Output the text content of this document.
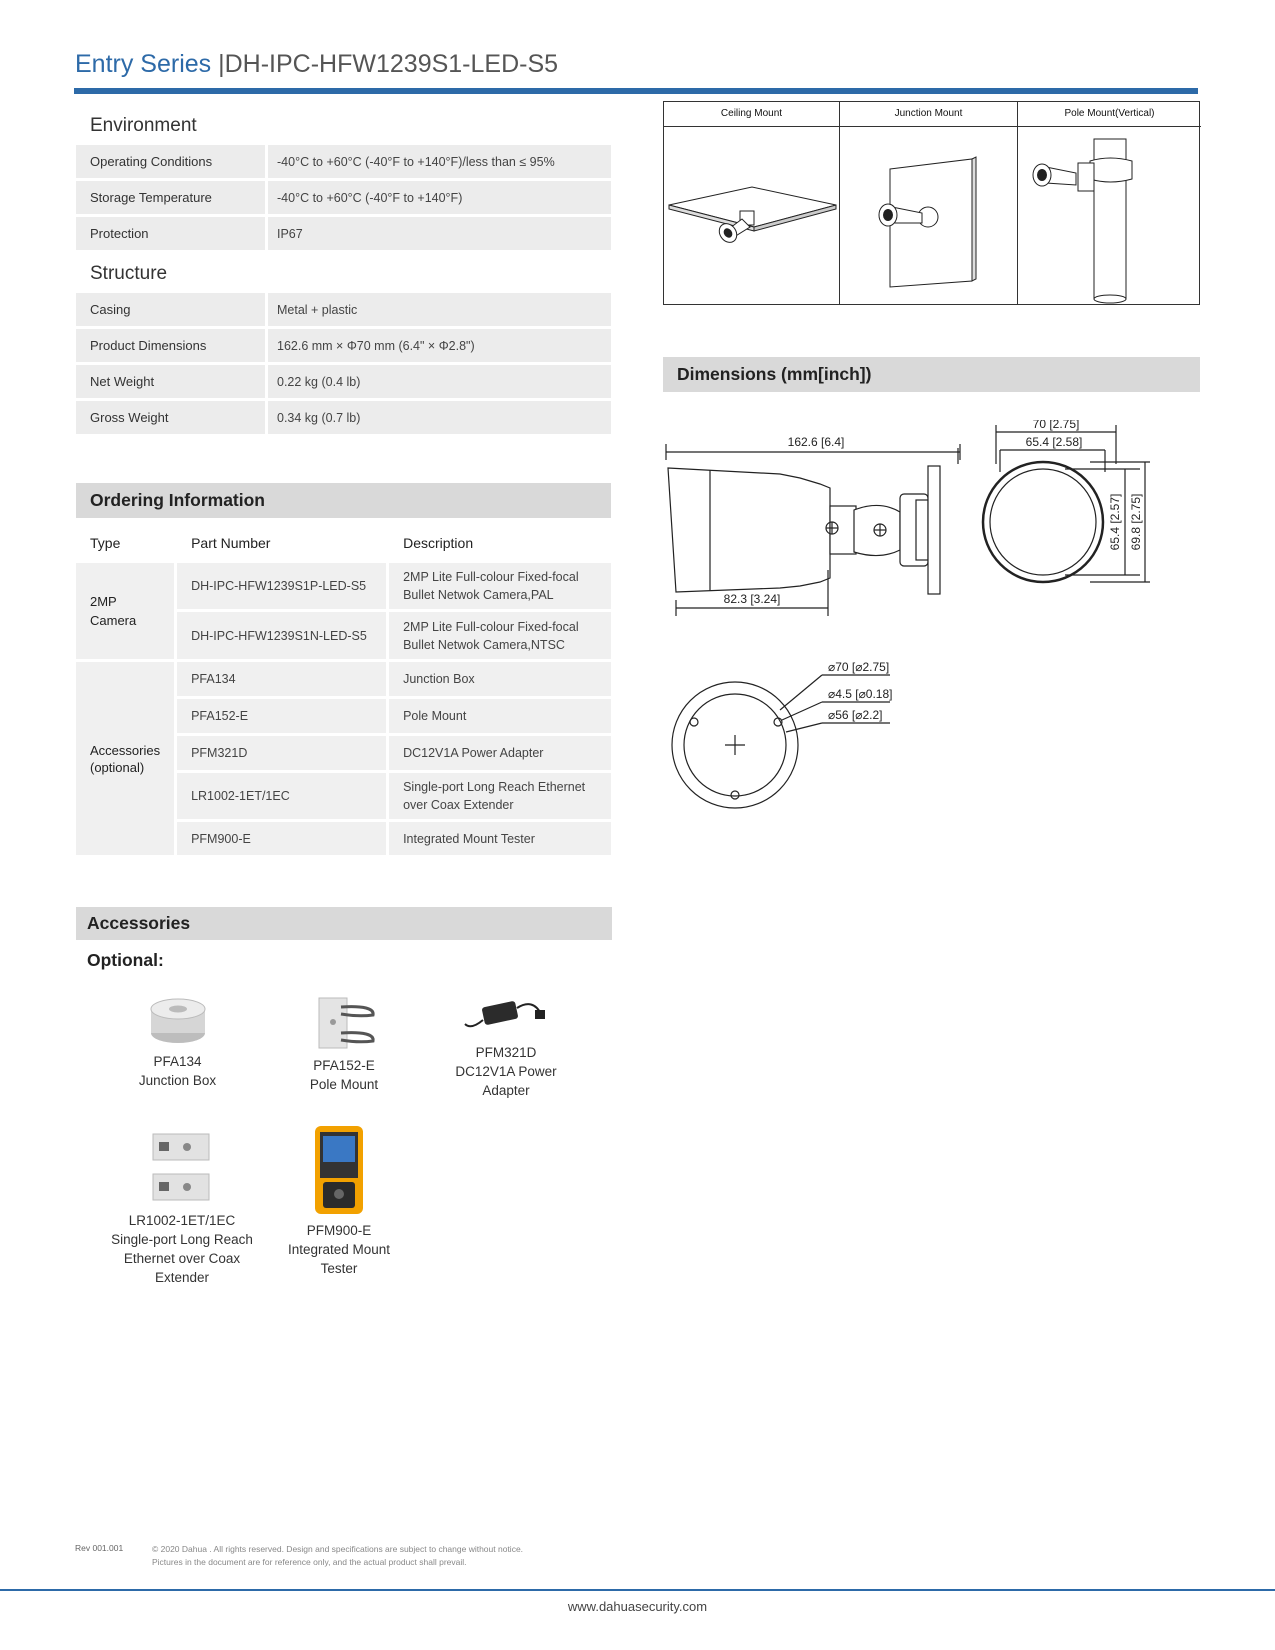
Entry Series |DH-IPC-HFW1239S1-LED-S5
Environment
Operating Conditions	-40°C to +60°C (-40°F to +140°F)/less than ≤ 95%
Storage Temperature	-40°C to +60°C (-40°F to +140°F)
Protection	IP67
Structure
Casing	Metal + plastic
Product Dimensions	162.6 mm × Φ70 mm (6.4" × Φ2.8")
Net Weight	0.22 kg (0.4 lb)
Gross Weight	0.34 kg (0.7 lb)
Ordering Information
Type	Part Number	Description
2MP
Camera	DH-IPC-HFW1239S1P-LED-S5	2MP Lite Full-colour Fixed-focal Bullet Netwok Camera,PAL
	DH-IPC-HFW1239S1N-LED-S5	2MP Lite Full-colour Fixed-focal Bullet Netwok Camera,NTSC
Accessories
(optional)	PFA134	Junction Box
	PFA152-E	Pole Mount
	PFM321D	DC12V1A Power Adapter
	LR1002-1ET/1EC	Single-port Long Reach Ethernet over Coax Extender
	PFM900-E	Integrated Mount Tester
Accessories
Optional:
PFA134
Junction Box
PFA152-E
Pole Mount
PFM321D
DC12V1A Power Adapter
LR1002-1ET/1EC
Single-port Long Reach Ethernet over Coax Extender
PFM900-E
Integrated Mount Tester
Ceiling Mount	Junction Mount	Pole Mount(Vertical)
Dimensions (mm[inch])
162.6 [6.4]
82.3 [3.24]
70 [2.75]
65.4 [2.58]
65.4 [2.57] 69.8 [2.75]
⌀70 [⌀2.75]
⌀4.5 [⌀0.18]
⌀56 [⌀2.2]
Rev 001.001	© 2020 Dahua . All rights reserved. Design and specifications are subject to change without notice.
Pictures in the document are for reference only, and the actual product shall prevail.
www.dahuasecurity.com
